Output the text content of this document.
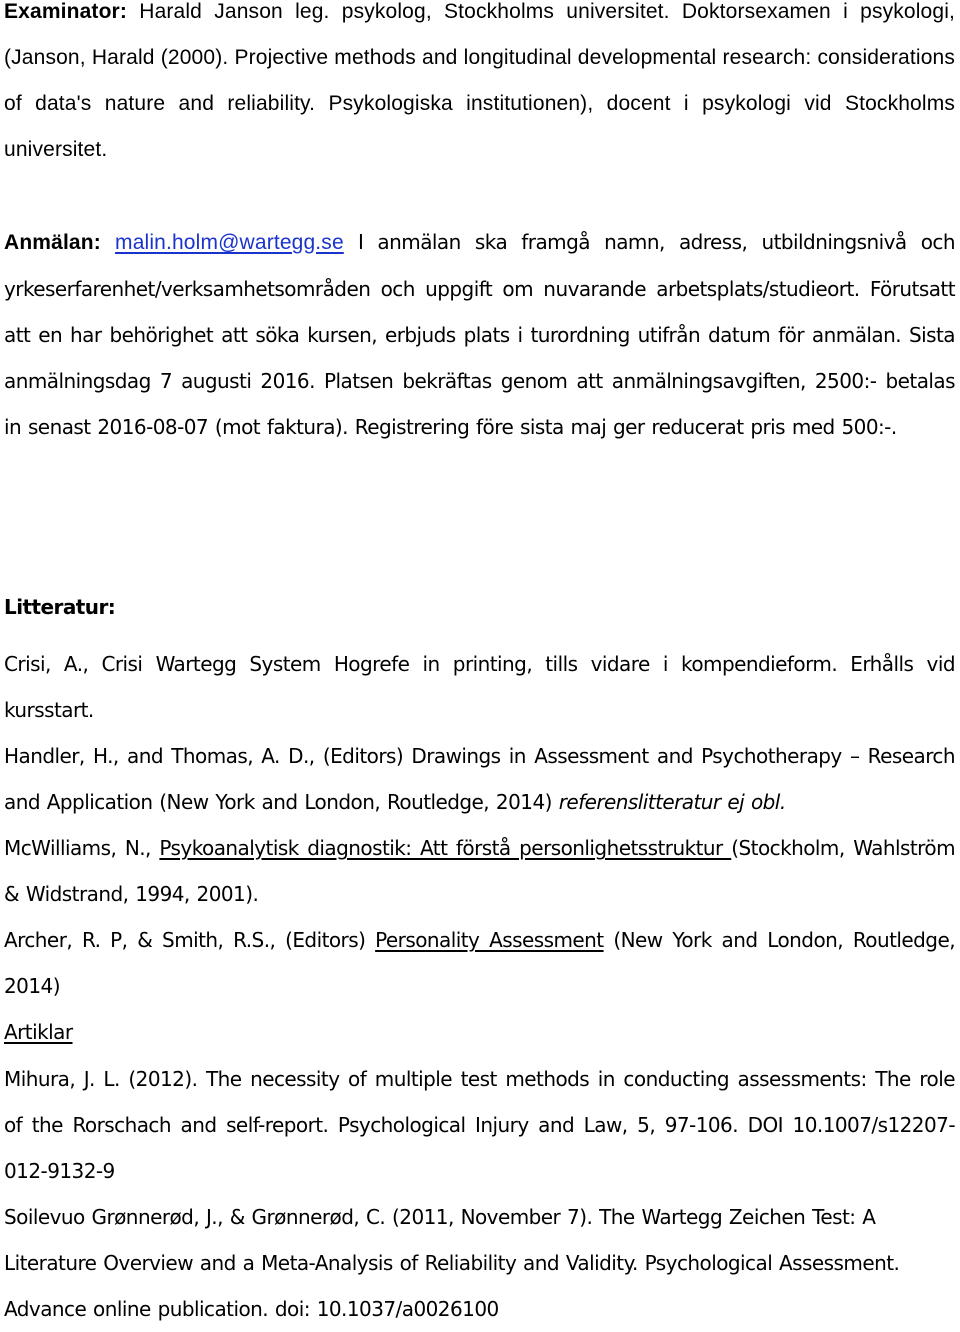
Examinator: Harald Janson leg. psykolog, Stockholms universitet. Doktorsexamen i psykologi, (Janson, Harald (2000). Projective methods and longitudinal developmental research: considerations of data's nature and reliability. Psykologiska institutionen), docent i psykologi vid Stockholms universitet.

Anmälan: malin.holm@wartegg.se I anmälan ska framgå namn, adress, utbildningsnivå och yrkeserfarenhet/verksamhetsområden och uppgift om nuvarande arbetsplats/studieort. Förutsatt att en har behörighet att söka kursen, erbjuds plats i turordning utifrån datum för anmälan. Sista anmälningsdag 7 augusti 2016. Platsen bekräftas genom att anmälningsavgiften, 2500:- betalas in senast 2016-08-07 (mot faktura). Registrering före sista maj ger reducerat pris med 500:-.

Litteratur:

Crisi, A., Crisi Wartegg System Hogrefe in printing, tills vidare i kompendieform. Erhålls vid kursstart.

Handler, H., and Thomas, A. D., (Editors) Drawings in Assessment and Psychotherapy – Research and Application (New York and London, Routledge, 2014) referenslitteratur ej obl.

McWilliams, N., Psykoanalytisk diagnostik: Att förstå personlighetsstruktur (Stockholm, Wahlström & Widstrand, 1994, 2001).

Archer, R. P, & Smith, R.S., (Editors) Personality Assessment (New York and London, Routledge, 2014)

Artiklar

Mihura, J. L. (2012). The necessity of multiple test methods in conducting assessments: The role of the Rorschach and self-report. Psychological Injury and Law, 5, 97-106. DOI 10.1007/s12207-012-9132-9

Soilevuo Grønnerød, J., & Grønnerød, C. (2011, November 7). The Wartegg Zeichen Test: A Literature Overview and a Meta-Analysis of Reliability and Validity. Psychological Assessment. Advance online publication. doi: 10.1037/a0026100
